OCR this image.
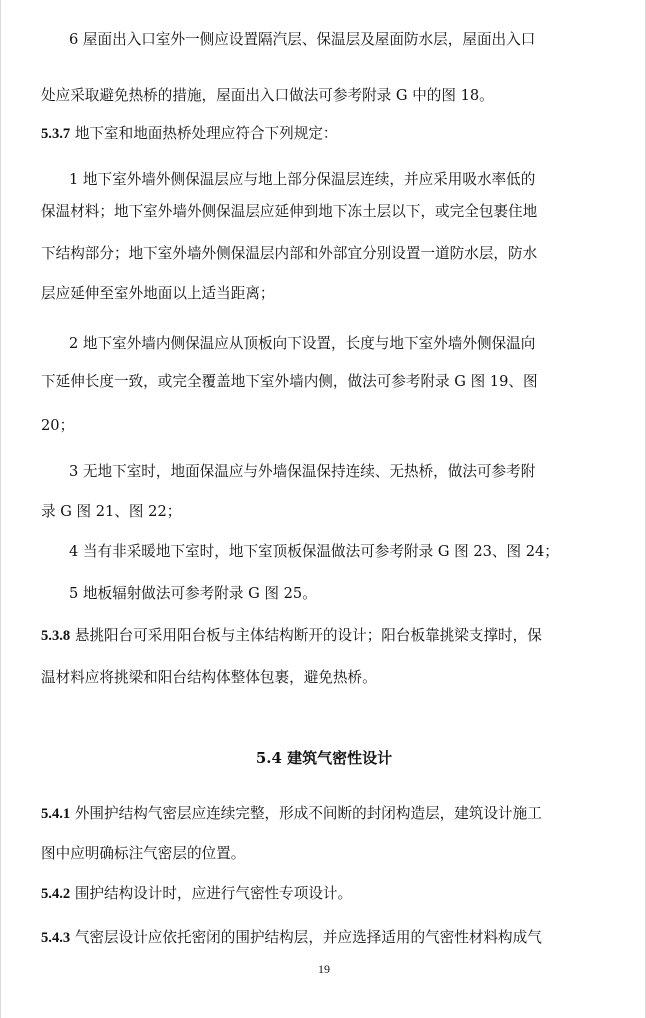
6 屋面出入口室外一侧应设置隔汽层、保温层及屋面防水层，屋面出入口
处应采取避免热桥的措施，屋面出入口做法可参考附录 G 中的图 18。
5.3.7 地下室和地面热桥处理应符合下列规定：
1 地下室外墙外侧保温层应与地上部分保温层连续，并应采用吸水率低的
保温材料；地下室外墙外侧保温层应延伸到地下冻土层以下，或完全包裹住地
下结构部分；地下室外墙外侧保温层内部和外部宜分别设置一道防水层，防水
层应延伸至室外地面以上适当距离；
2 地下室外墙内侧保温应从顶板向下设置，长度与地下室外墙外侧保温向
下延伸长度一致，或完全覆盖地下室外墙内侧，做法可参考附录 G 图 19、图
20；
3 无地下室时，地面保温应与外墙保温保持连续、无热桥，做法可参考附
录 G 图 21、图 22；
4 当有非采暖地下室时，地下室顶板保温做法可参考附录 G 图 23、图 24；
5 地板辐射做法可参考附录 G 图 25。
5.3.8 悬挑阳台可采用阳台板与主体结构断开的设计；阳台板靠挑梁支撑时，保
温材料应将挑梁和阳台结构体整体包裹，避免热桥。
5.4 建筑气密性设计
5.4.1 外围护结构气密层应连续完整，形成不间断的封闭构造层，建筑设计施工
图中应明确标注气密层的位置。
5.4.2 围护结构设计时，应进行气密性专项设计。
5.4.3 气密层设计应依托密闭的围护结构层，并应选择适用的气密性材料构成气
19
